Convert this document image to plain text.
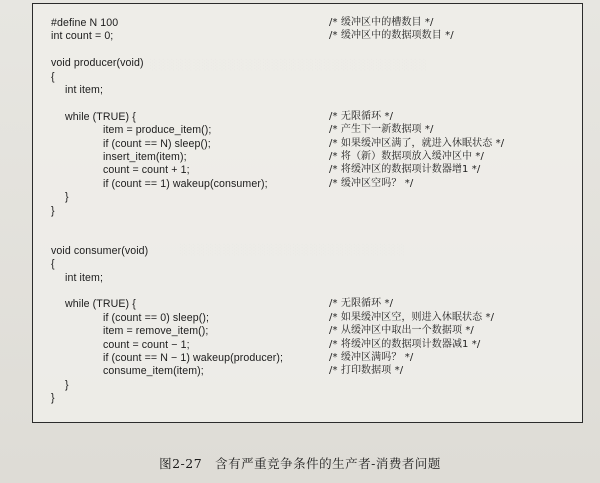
#define N 100	/* 缓冲区中的槽数目 */
int count = 0;	/* 缓冲区中的数据项数目 */
void producer(void)
{
int item;
while (TRUE) {	/* 无限循环 */
item = produce_item();	/* 产生下一新数据项 */
if (count == N) sleep();	/* 如果缓冲区满了，就进入休眠状态 */
insert_item(item);	/* 将（新）数据项放入缓冲区中 */
count = count + 1;	/* 将缓冲区的数据项计数器增1 */
if (count == 1) wakeup(consumer);	/* 缓冲区空吗？ */
}
}
void consumer(void)
{
int item;
while (TRUE) {	/* 无限循环 */
if (count == 0) sleep();	/* 如果缓冲区空，则进入休眠状态 */
item = remove_item();	/* 从缓冲区中取出一个数据项 */
count = count − 1;	/* 将缓冲区的数据项计数器减1 */
if (count == N − 1) wakeup(producer);	/* 缓冲区满吗？ */
consume_item(item);	/* 打印数据项 */
}
}
图2-27　含有严重竞争条件的生产者-消费者问题
